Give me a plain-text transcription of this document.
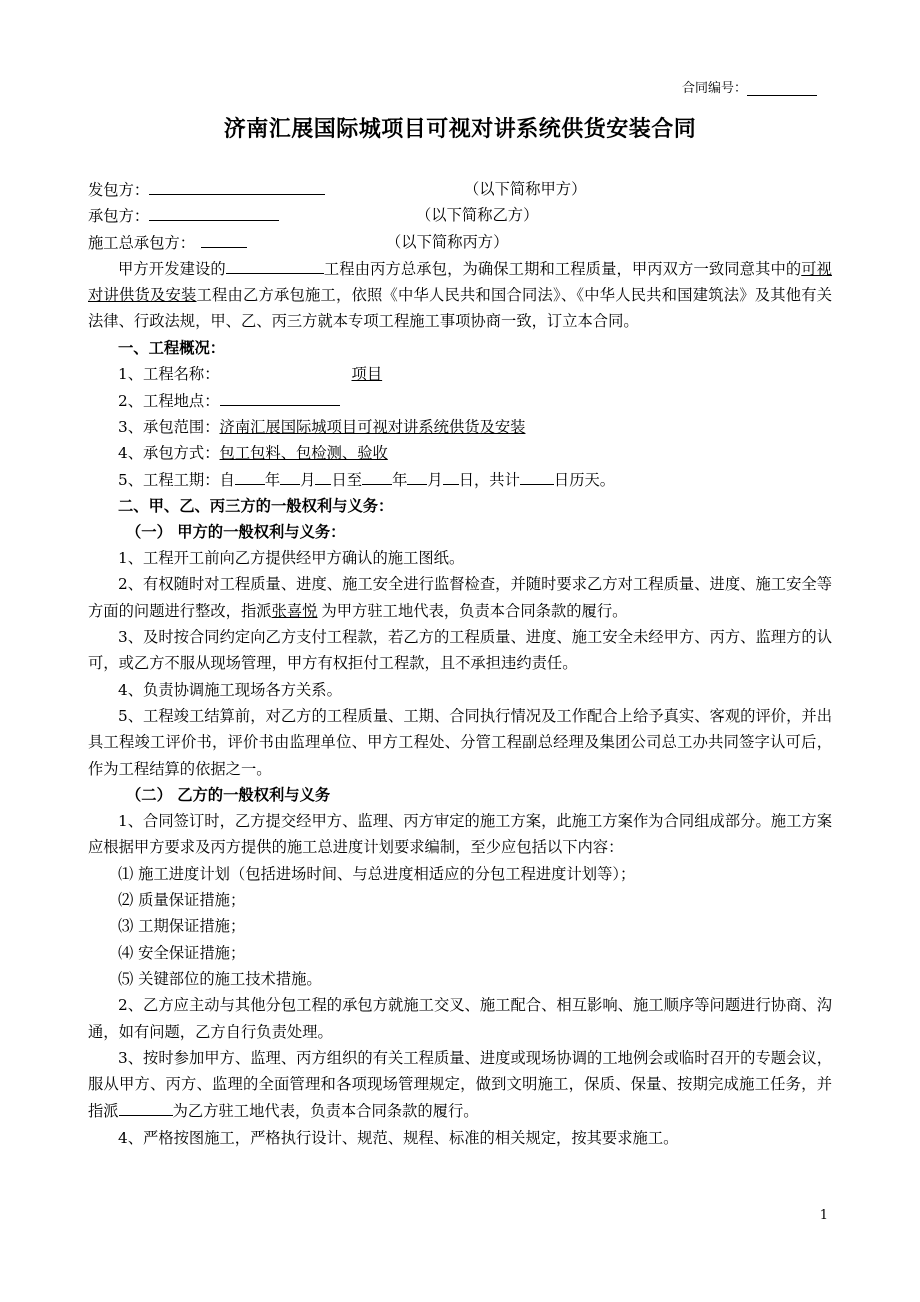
合同编号：
济南汇展国际城项目可视对讲系统供货安装合同
发包方：	（以下简称甲方）
承包方：	（以下简称乙方）
施工总承包方：	（以下简称丙方）
甲方开发建设的	工程由丙方总承包，为确保工期和工程质量，甲丙双方一致同意其中的可视对讲供货及安装工程由乙方承包施工，依照《中华人民共和国合同法》、《中华人民共和国建筑法》及其他有关法律、行政法规，甲、乙、丙三方就本专项工程施工事项协商一致，订立本合同。
一、工程概况：
1、工程名称：	项目
2、工程地点：
3、承包范围：济南汇展国际城项目可视对讲系统供货及安装
4、承包方式：包工包料、包检测、验收
5、工程工期：自 年 月 日至 年 月 日，共计 日历天。
二、甲、乙、丙三方的一般权利与义务：
（一） 甲方的一般权利与义务：
1、工程开工前向乙方提供经甲方确认的施工图纸。
2、有权随时对工程质量、进度、施工安全进行监督检查，并随时要求乙方对工程质量、进度、施工安全等方面的问题进行整改，指派张喜悦 为甲方驻工地代表，负责本合同条款的履行。
3、及时按合同约定向乙方支付工程款，若乙方的工程质量、进度、施工安全未经甲方、丙方、监理方的认可，或乙方不服从现场管理，甲方有权拒付工程款，且不承担违约责任。
4、负责协调施工现场各方关系。
5、工程竣工结算前，对乙方的工程质量、工期、合同执行情况及工作配合上给予真实、客观的评价，并出具工程竣工评价书，评价书由监理单位、甲方工程处、分管工程副总经理及集团公司总工办共同签字认可后，作为工程结算的依据之一。
（二） 乙方的一般权利与义务
1、合同签订时，乙方提交经甲方、监理、丙方审定的施工方案，此施工方案作为合同组成部分。施工方案应根据甲方要求及丙方提供的施工总进度计划要求编制，至少应包括以下内容：
⑴ 施工进度计划（包括进场时间、与总进度相适应的分包工程进度计划等）；
⑵ 质量保证措施；
⑶ 工期保证措施；
⑷ 安全保证措施；
⑸ 关键部位的施工技术措施。
2、乙方应主动与其他分包工程的承包方就施工交叉、施工配合、相互影响、施工顺序等问题进行协商、沟通，如有问题，乙方自行负责处理。
3、按时参加甲方、监理、丙方组织的有关工程质量、进度或现场协调的工地例会或临时召开的专题会议，服从甲方、丙方、监理的全面管理和各项现场管理规定，做到文明施工，保质、保量、按期完成施工任务，并指派	为乙方驻工地代表，负责本合同条款的履行。
4、严格按图施工，严格执行设计、规范、规程、标准的相关规定，按其要求施工。
1
